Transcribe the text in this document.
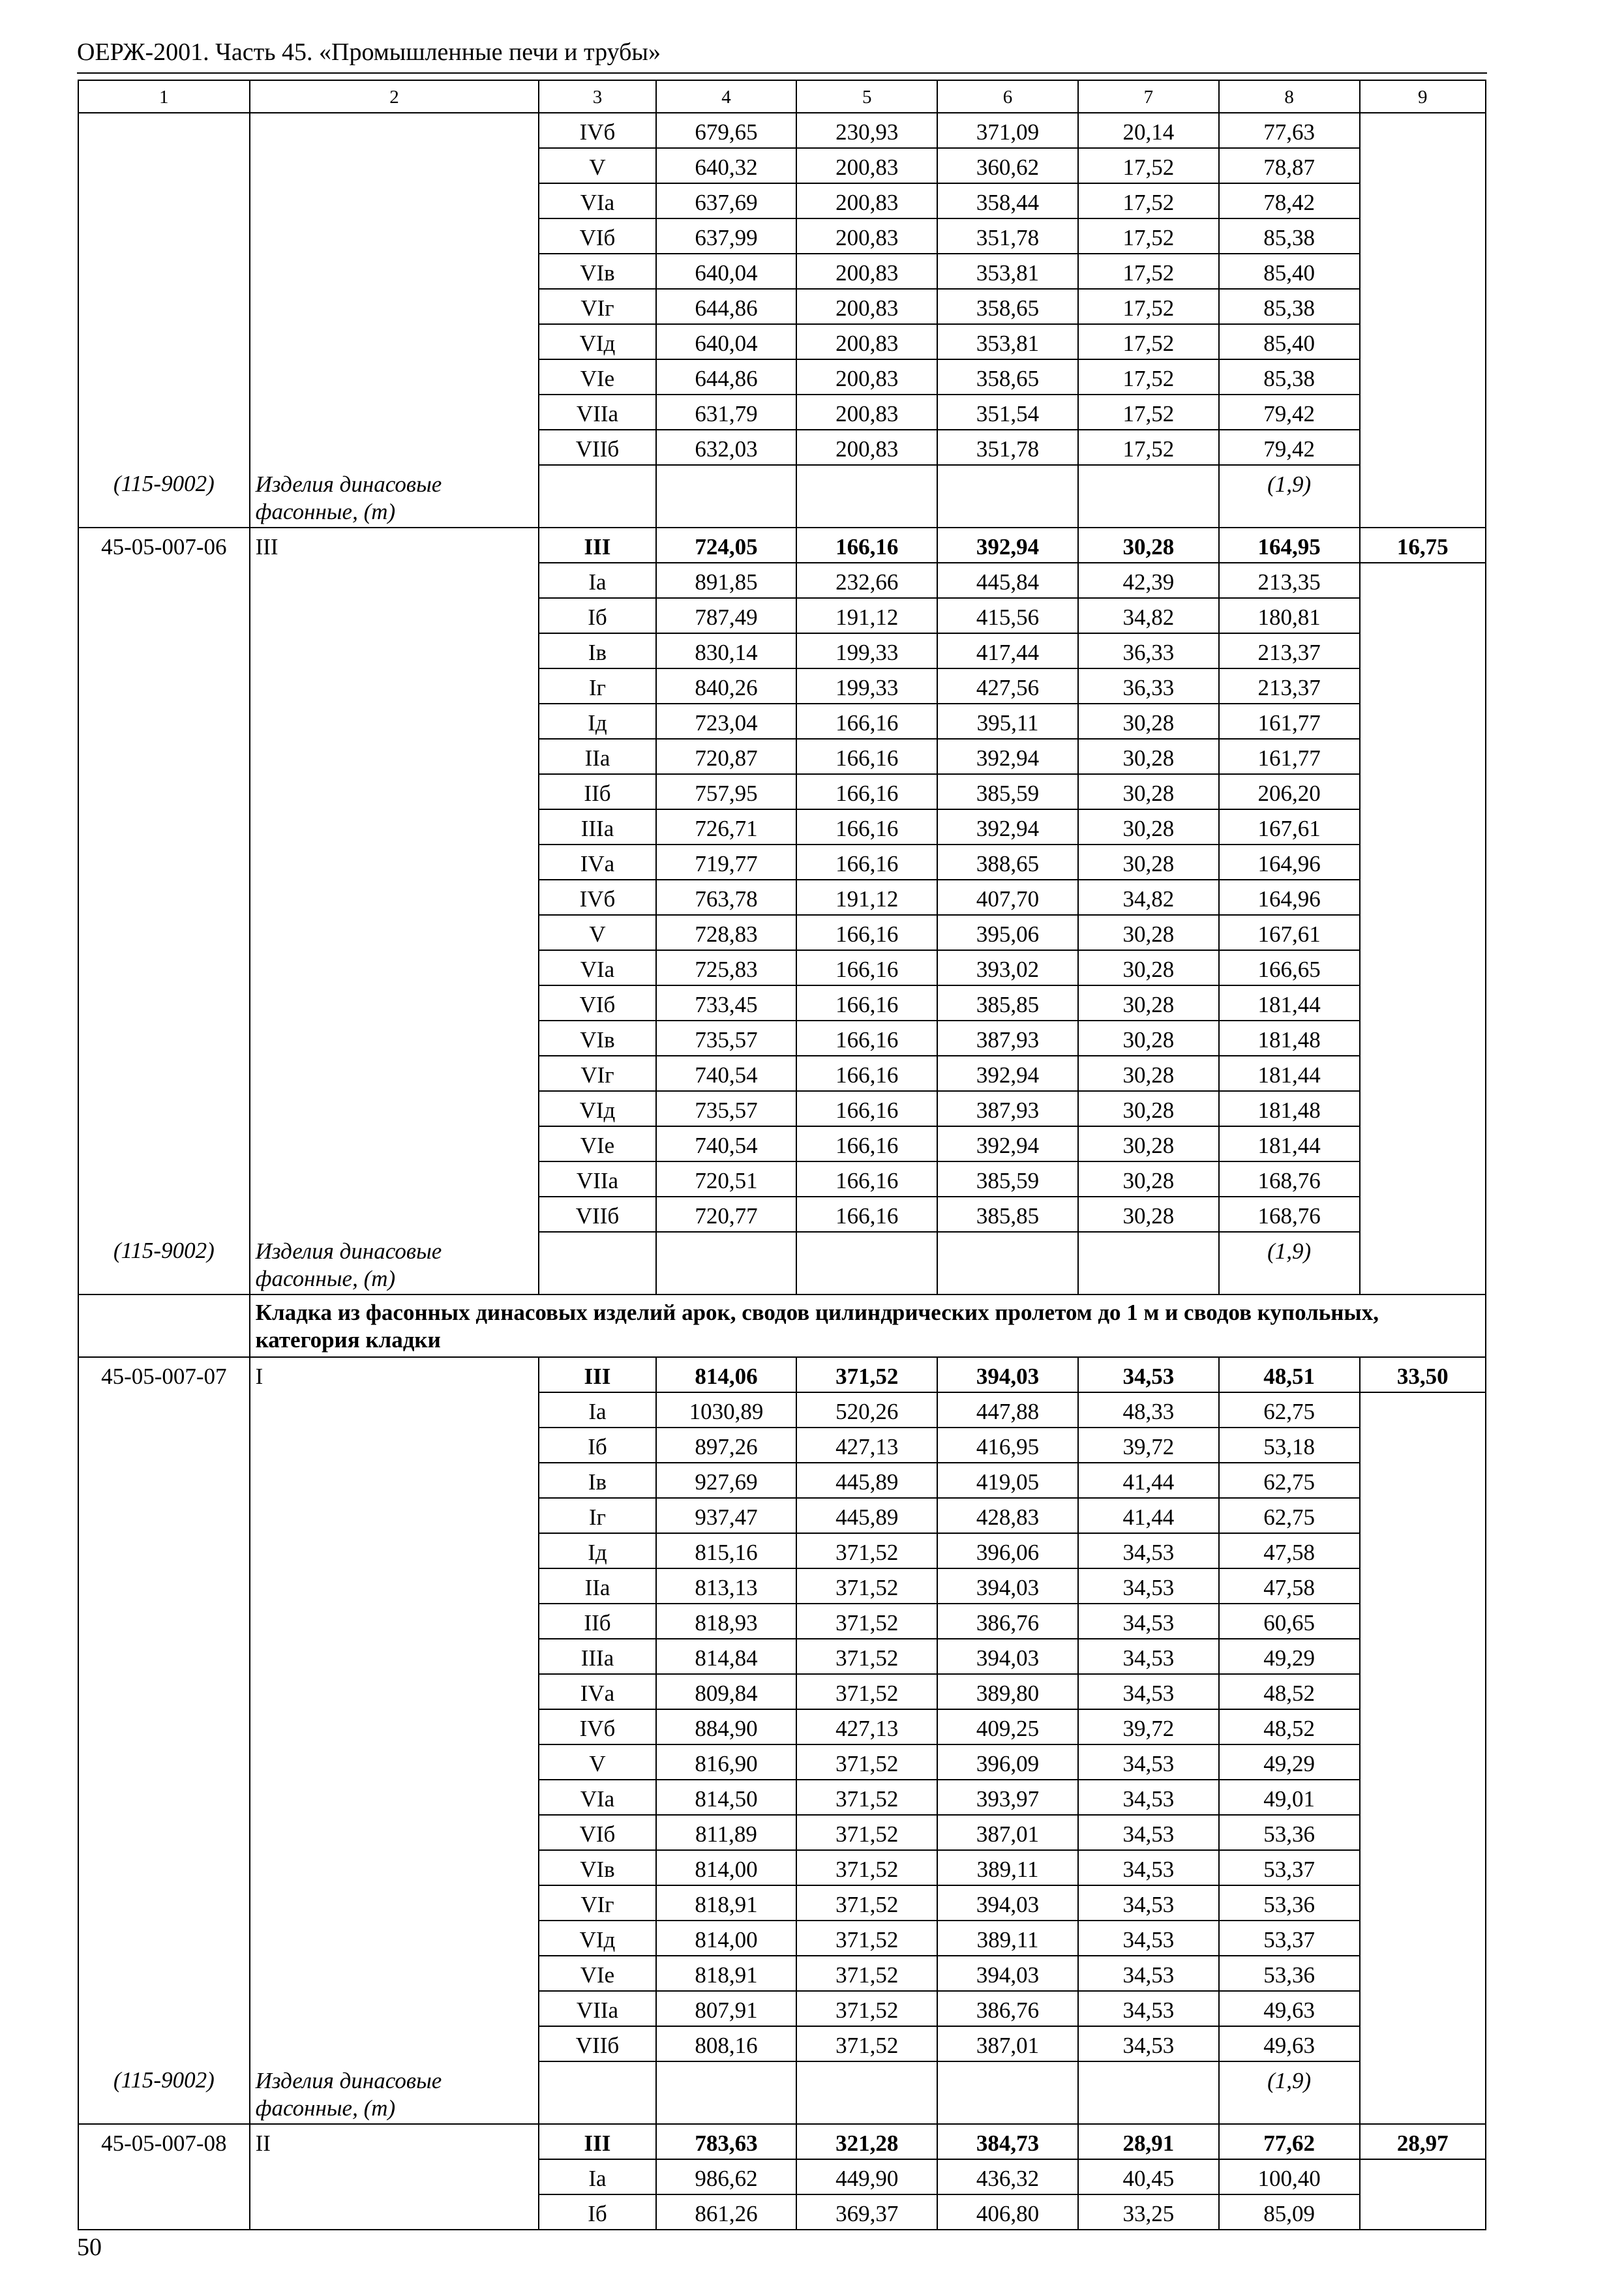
ОЕРЖ-2001. Часть 45. «Промышленные печи и трубы»
1	2	3	4	5	6	7	8	9
		IVб	679,65	230,93	371,09	20,14	77,63	
		V	640,32	200,83	360,62	17,52	78,87	
		VIа	637,69	200,83	358,44	17,52	78,42	
		VIб	637,99	200,83	351,78	17,52	85,38	
		VIв	640,04	200,83	353,81	17,52	85,40	
		VIг	644,86	200,83	358,65	17,52	85,38	
		VIд	640,04	200,83	353,81	17,52	85,40	
		VIе	644,86	200,83	358,65	17,52	85,38	
		VIIа	631,79	200,83	351,54	17,52	79,42	
		VIIб	632,03	200,83	351,78	17,52	79,42	
(115-9002)	Изделия динасовые фасонные, (т)						(1,9)	
45-05-007-06	III	III	724,05	166,16	392,94	30,28	164,95	16,75
		Iа	891,85	232,66	445,84	42,39	213,35	
		Iб	787,49	191,12	415,56	34,82	180,81	
		Iв	830,14	199,33	417,44	36,33	213,37	
		Iг	840,26	199,33	427,56	36,33	213,37	
		Iд	723,04	166,16	395,11	30,28	161,77	
		IIа	720,87	166,16	392,94	30,28	161,77	
		IIб	757,95	166,16	385,59	30,28	206,20	
		IIIа	726,71	166,16	392,94	30,28	167,61	
		IVа	719,77	166,16	388,65	30,28	164,96	
		IVб	763,78	191,12	407,70	34,82	164,96	
		V	728,83	166,16	395,06	30,28	167,61	
		VIа	725,83	166,16	393,02	30,28	166,65	
		VIб	733,45	166,16	385,85	30,28	181,44	
		VIв	735,57	166,16	387,93	30,28	181,48	
		VIг	740,54	166,16	392,94	30,28	181,44	
		VIд	735,57	166,16	387,93	30,28	181,48	
		VIе	740,54	166,16	392,94	30,28	181,44	
		VIIа	720,51	166,16	385,59	30,28	168,76	
		VIIб	720,77	166,16	385,85	30,28	168,76	
(115-9002)	Изделия динасовые фасонные, (т)						(1,9)	
	Кладка из фасонных динасовых изделий арок, сводов цилиндрических пролетом до 1 м и сводов купольных, категория кладки							
45-05-007-07	I	III	814,06	371,52	394,03	34,53	48,51	33,50
		Iа	1030,89	520,26	447,88	48,33	62,75	
		Iб	897,26	427,13	416,95	39,72	53,18	
		Iв	927,69	445,89	419,05	41,44	62,75	
		Iг	937,47	445,89	428,83	41,44	62,75	
		Iд	815,16	371,52	396,06	34,53	47,58	
		IIа	813,13	371,52	394,03	34,53	47,58	
		IIб	818,93	371,52	386,76	34,53	60,65	
		IIIа	814,84	371,52	394,03	34,53	49,29	
		IVа	809,84	371,52	389,80	34,53	48,52	
		IVб	884,90	427,13	409,25	39,72	48,52	
		V	816,90	371,52	396,09	34,53	49,29	
		VIа	814,50	371,52	393,97	34,53	49,01	
		VIб	811,89	371,52	387,01	34,53	53,36	
		VIв	814,00	371,52	389,11	34,53	53,37	
		VIг	818,91	371,52	394,03	34,53	53,36	
		VIд	814,00	371,52	389,11	34,53	53,37	
		VIе	818,91	371,52	394,03	34,53	53,36	
		VIIа	807,91	371,52	386,76	34,53	49,63	
		VIIб	808,16	371,52	387,01	34,53	49,63	
(115-9002)	Изделия динасовые фасонные, (т)						(1,9)	
45-05-007-08	II	III	783,63	321,28	384,73	28,91	77,62	28,97
		Iа	986,62	449,90	436,32	40,45	100,40	
		Iб	861,26	369,37	406,80	33,25	85,09	
50
